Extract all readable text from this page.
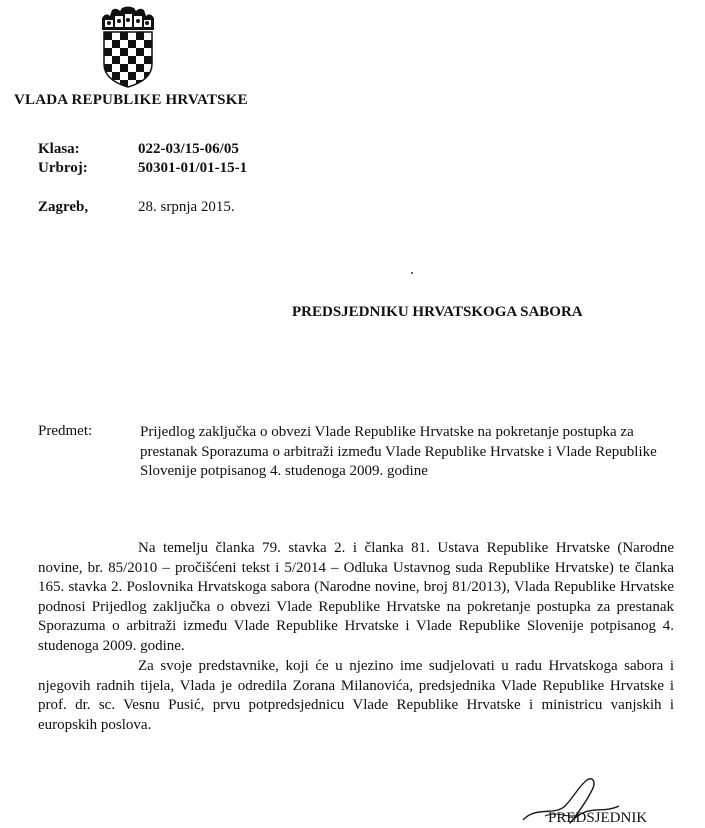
VLADA REPUBLIKE HRVATSKE
Klasa:	022-03/15-06/05
Urbroj:	50301-01/01-15-1
Zagreb,	28. srpnja 2015.
PREDSJEDNIKU HRVATSKOGA SABORA
Predmet:	Prijedlog zaključka o obvezi Vlade Republike Hrvatske na pokretanje postupka za prestanak Sporazuma o arbitraži između Vlade Republike Hrvatske i Vlade Republike Slovenije potpisanog 4. studenoga 2009. godine
Na temelju članka 79. stavka 2. i članka 81. Ustava Republike Hrvatske (Narodne novine, br. 85/2010 – pročišćeni tekst i 5/2014 – Odluka Ustavnog suda Republike Hrvatske) te članka 165. stavka 2. Poslovnika Hrvatskoga sabora (Narodne novine, broj 81/2013), Vlada Republike Hrvatske podnosi Prijedlog zaključka o obvezi Vlade Republike Hrvatske na pokretanje postupka za prestanak Sporazuma o arbitraži između Vlade Republike Hrvatske i Vlade Republike Slovenije potpisanog 4. studenoga 2009. godine.
Za svoje predstavnike, koji će u njezino ime sudjelovati u radu Hrvatskoga sabora i njegovih radnih tijela, Vlada je odredila Zorana Milanovića, predsjednika Vlade Republike Hrvatske i prof. dr. sc. Vesnu Pusić, prvu potpredsjednicu Vlade Republike Hrvatske i ministricu vanjskih i europskih poslova.
PREDSJEDNIK
